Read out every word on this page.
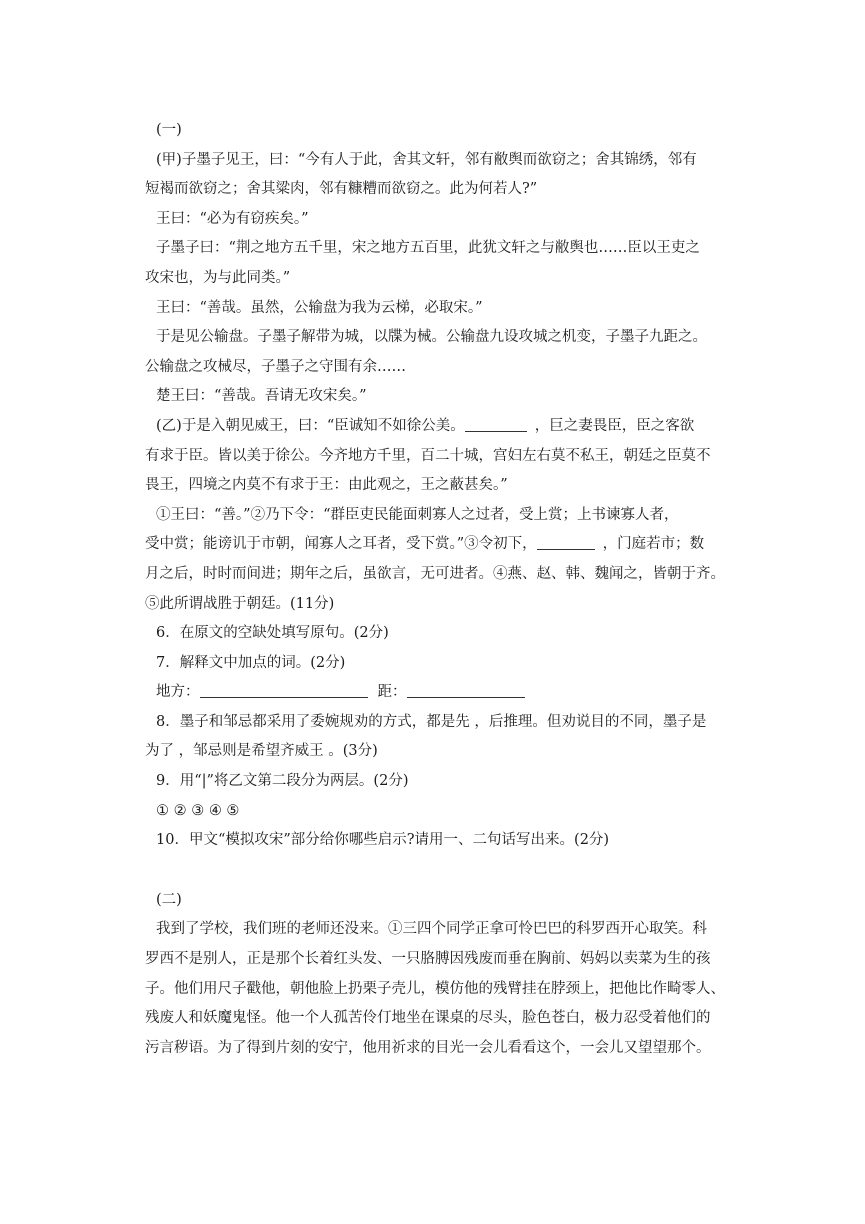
(一)

(甲)子墨子见王，曰：“今有人于此，舍其文轩，邻有敝舆而欲窃之；舍其锦绣，邻有

短褐而欲窃之；舍其粱肉，邻有糠糟而欲窃之。此为何若人?”

王曰：“必为有窃疾矣。”

子墨子曰：“荆之地方五千里，宋之地方五百里，此犹文轩之与敝舆也……臣以王吏之

攻宋也，为与此同类。”

王曰：“善哉。虽然，公输盘为我为云梯，必取宋。”

于是见公输盘。子墨子解带为城，以牒为械。公输盘九设攻城之机变，子墨子九距之。

公输盘之攻械尽，子墨子之守围有余……

楚王曰：“善哉。吾请无攻宋矣。”

(乙)于是入朝见威王，曰：“臣诚知不如徐公美。	，巨之妻畏臣，臣之客欲

有求于臣。皆以美于徐公。今齐地方千里，百二十城，宫妇左右莫不私王，朝廷之臣莫不

畏王，四境之内莫不有求于王：由此观之，王之蔽甚矣。”

①王曰：“善。”②乃下令：“群臣吏民能面刺寡人之过者，受上赏；上书谏寡人者，

受中赏；能谤讥于市朝，闻寡人之耳者，受下赏。”③令初下，	，门庭若市；数

月之后，时时而间进；期年之后，虽欲言，无可进者。④燕、赵、韩、魏闻之，皆朝于齐。

⑤此所谓战胜于朝廷。(11分)

6．在原文的空缺处填写原句。(2分)

7．解释文中加点的词。(2分)

地方：	距：

8．墨子和邹忌都采用了委婉规劝的方式，都是先 ，后推理。但劝说目的不同，墨子是

为了 ，邹忌则是希望齐威王 。(3分)

9．用“|”将乙文第二段分为两层。(2分)

① ② ③ ④ ⑤

10．甲文“模拟攻宋”部分给你哪些启示?请用一、二句话写出来。(2分)

(二)

我到了学校，我们班的老师还没来。①三四个同学正拿可怜巴巴的科罗西开心取笑。科

罗西不是别人，正是那个长着红头发、一只胳膊因残废而垂在胸前、妈妈以卖菜为生的孩

子。他们用尺子戳他，朝他脸上扔栗子壳儿，模仿他的残臂挂在脖颈上，把他比作畸零人、

残废人和妖魔鬼怪。他一个人孤苦伶仃地坐在课桌的尽头，脸色苍白，极力忍受着他们的

污言秽语。为了得到片刻的安宁，他用祈求的目光一会儿看看这个，一会儿又望望那个。
